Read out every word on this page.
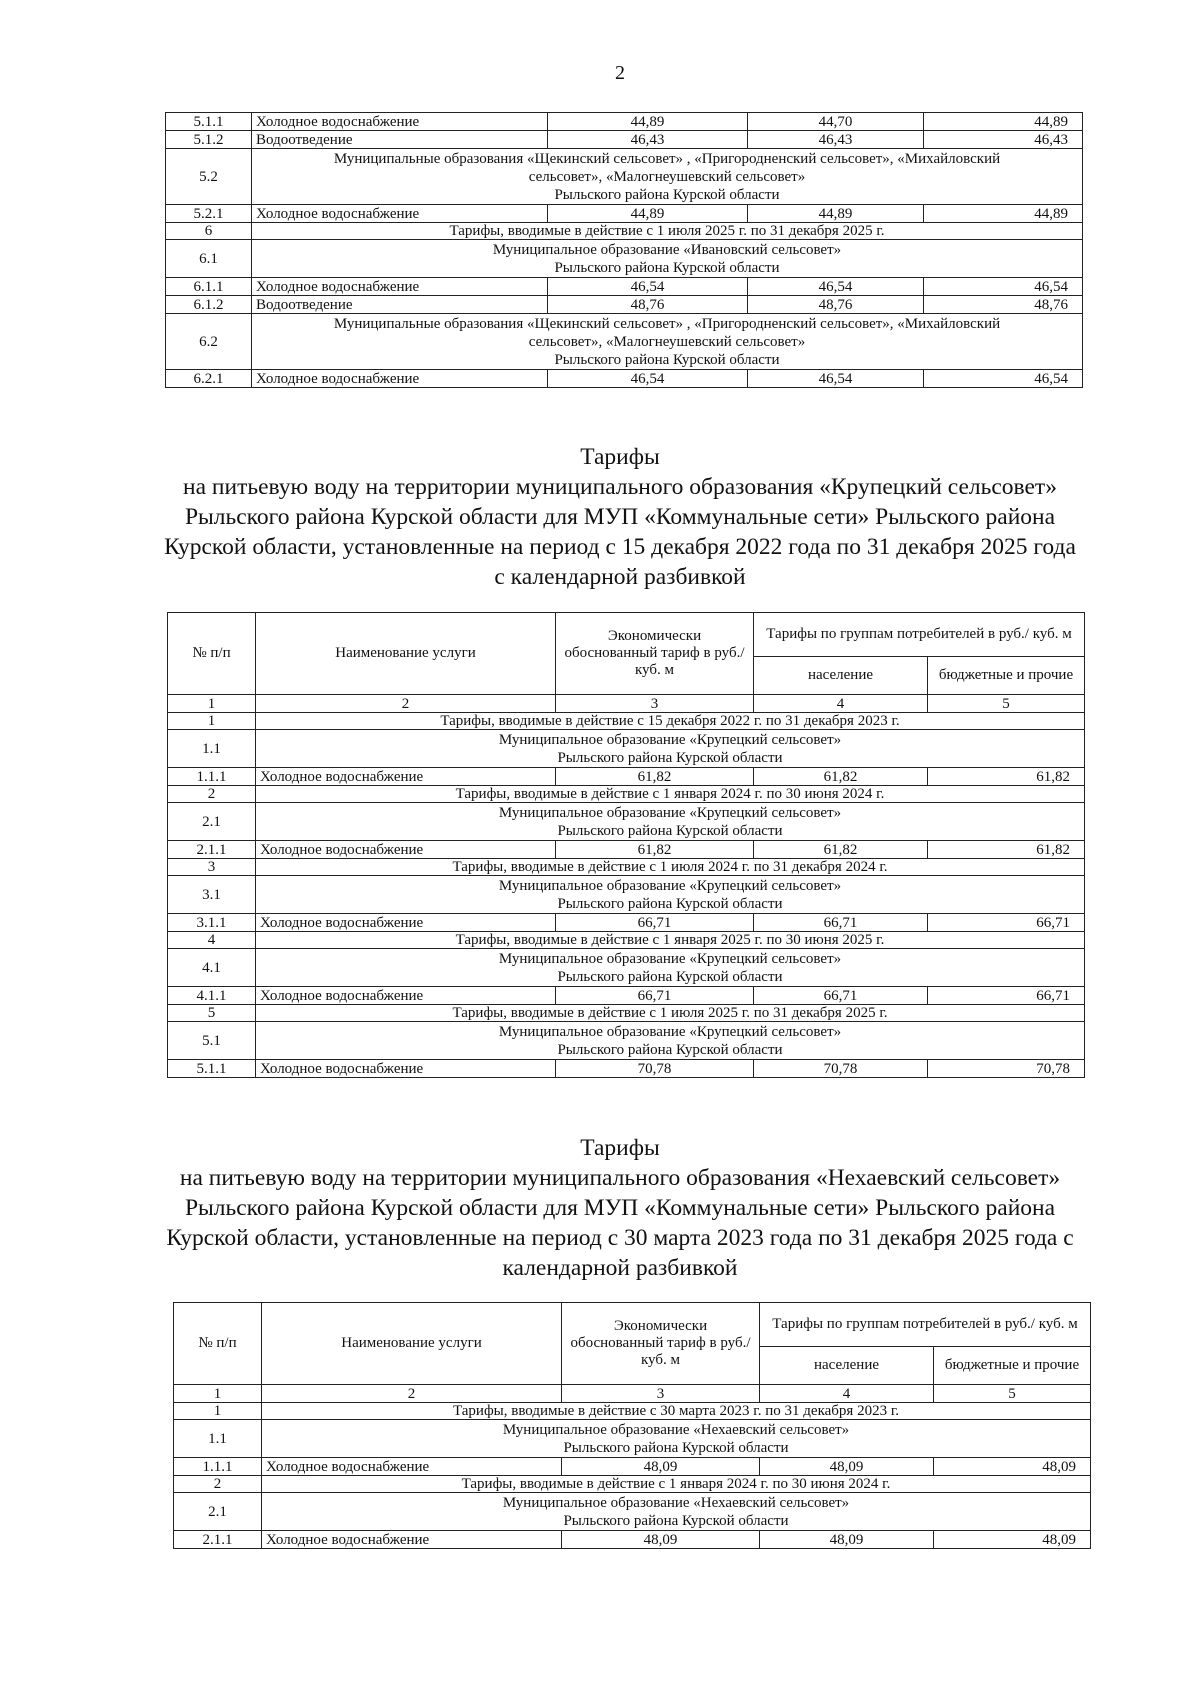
2
5.1.1	Холодное водоснабжение	44,89	44,70	44,89
5.1.2	Водоотведение	46,43	46,43	46,43
5.2	Муниципальные образования «Щекинский сельсовет» , «Пригородненский сельсовет», «Михайловский
сельсовет», «Малогнеушевский сельсовет»
Рыльского района Курской области			

5.2.1	Холодное водоснабжение	44,89	44,89	44,89
6	Тарифы, вводимые в действие с 1 июля 2025 г. по 31 декабря 2025 г.			
6.1	Муниципальное образование «Ивановский сельсовет»
Рыльского района Курской области			

6.1.1	Холодное водоснабжение	46,54	46,54	46,54
6.1.2	Водоотведение	48,76	48,76	48,76
6.2	Муниципальные образования «Щекинский сельсовет» , «Пригородненский сельсовет», «Михайловский
сельсовет», «Малогнеушевский сельсовет»
Рыльского района Курской области			

6.2.1	Холодное водоснабжение	46,54	46,54	46,54
Тарифы
на питьевую воду на территории муниципального образования «Крупецкий сельсовет» Рыльского района Курской области для МУП «Коммунальные сети» Рыльского района Курской области, установленные на период с 15 декабря 2022 года по 31 декабря 2025 года с календарной разбивкой
№ п/п	Наименование услуги	Экономически обоснованный тариф в руб./ куб. м	Тарифы по группам потребителей в руб./ куб. м	
			население	бюджетные и прочие
1	2	3	4	5
1	Тарифы, вводимые в действие с 15 декабря 2022 г. по 31 декабря 2023 г.			
1.1	Муниципальное образование «Крупецкий сельсовет»
Рыльского района Курской области			

1.1.1	Холодное водоснабжение	61,82	61,82	61,82
2	Тарифы, вводимые в действие с 1 января 2024 г. по 30 июня 2024 г.			
2.1	Муниципальное образование «Крупецкий сельсовет»
Рыльского района Курской области			

2.1.1	Холодное водоснабжение	61,82	61,82	61,82
3	Тарифы, вводимые в действие с 1 июля 2024 г. по 31 декабря 2024 г.			
3.1	Муниципальное образование «Крупецкий сельсовет»
Рыльского района Курской области			

3.1.1	Холодное водоснабжение	66,71	66,71	66,71
4	Тарифы, вводимые в действие с 1 января 2025 г. по 30 июня 2025 г.			
4.1	Муниципальное образование «Крупецкий сельсовет»
Рыльского района Курской области			

4.1.1	Холодное водоснабжение	66,71	66,71	66,71
5	Тарифы, вводимые в действие с 1 июля 2025 г. по 31 декабря 2025 г.			
5.1	Муниципальное образование «Крупецкий сельсовет»
Рыльского района Курской области			

5.1.1	Холодное водоснабжение	70,78	70,78	70,78
Тарифы
на питьевую воду на территории муниципального образования «Нехаевский сельсовет» Рыльского района Курской области для МУП «Коммунальные сети» Рыльского района Курской области, установленные на период с 30 марта 2023 года по 31 декабря 2025 года с календарной разбивкой
№ п/п	Наименование услуги	Экономически обоснованный тариф в руб./ куб. м	Тарифы по группам потребителей в руб./ куб. м	
			население	бюджетные и прочие
1	2	3	4	5
1	Тарифы, вводимые в действие с 30 марта 2023 г. по 31 декабря 2023 г.			
1.1	Муниципальное образование «Нехаевский сельсовет»
Рыльского района Курской области			

1.1.1	Холодное водоснабжение	48,09	48,09	48,09
2	Тарифы, вводимые в действие с 1 января 2024 г. по 30 июня 2024 г.			
2.1	Муниципальное образование «Нехаевский сельсовет»
Рыльского района Курской области			

2.1.1	Холодное водоснабжение	48,09	48,09	48,09
